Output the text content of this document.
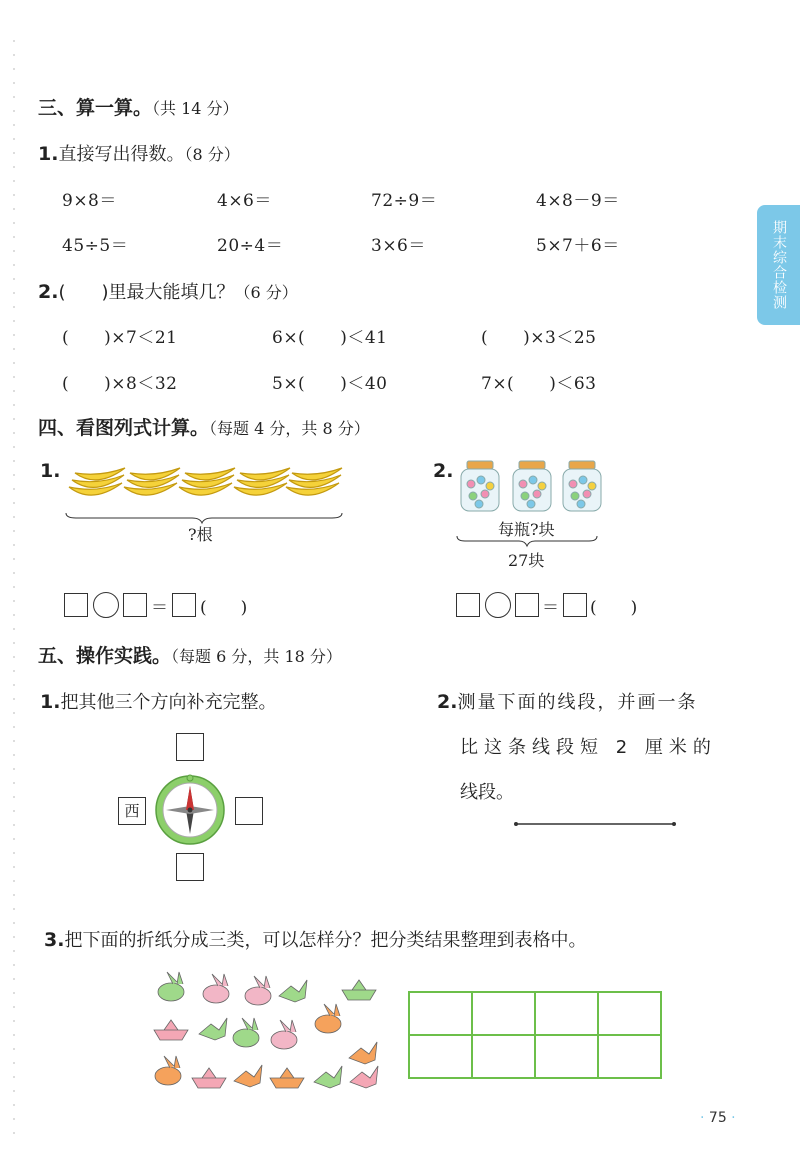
期末综合检测
三、算一算。（共 14 分）
1.直接写出得数。（8 分）
9×8＝	4×6＝	72÷9＝	4×8－9＝
45÷5＝	20÷4＝	3×6＝	5×7＋6＝
2.(　　)里最大能填几？（6 分）
(　　)×7＜21	6×(　　)＜41	(　　)×3＜25
(　　)×8＜32	5×(　　)＜40	7×(　　)＜63
四、看图列式计算。（每题 4 分，共 8 分）
1.
?根
＝ (　　)
2.
每瓶?块
27块
＝ (　　)
五、操作实践。（每题 6 分，共 18 分）
1.把其他三个方向补充完整。
西
2.测量下面的线段，并画一条
比这条线段短 2 厘米的
线段。
3.把下面的折纸分成三类，可以怎样分？把分类结果整理到表格中。

· 75 ·
